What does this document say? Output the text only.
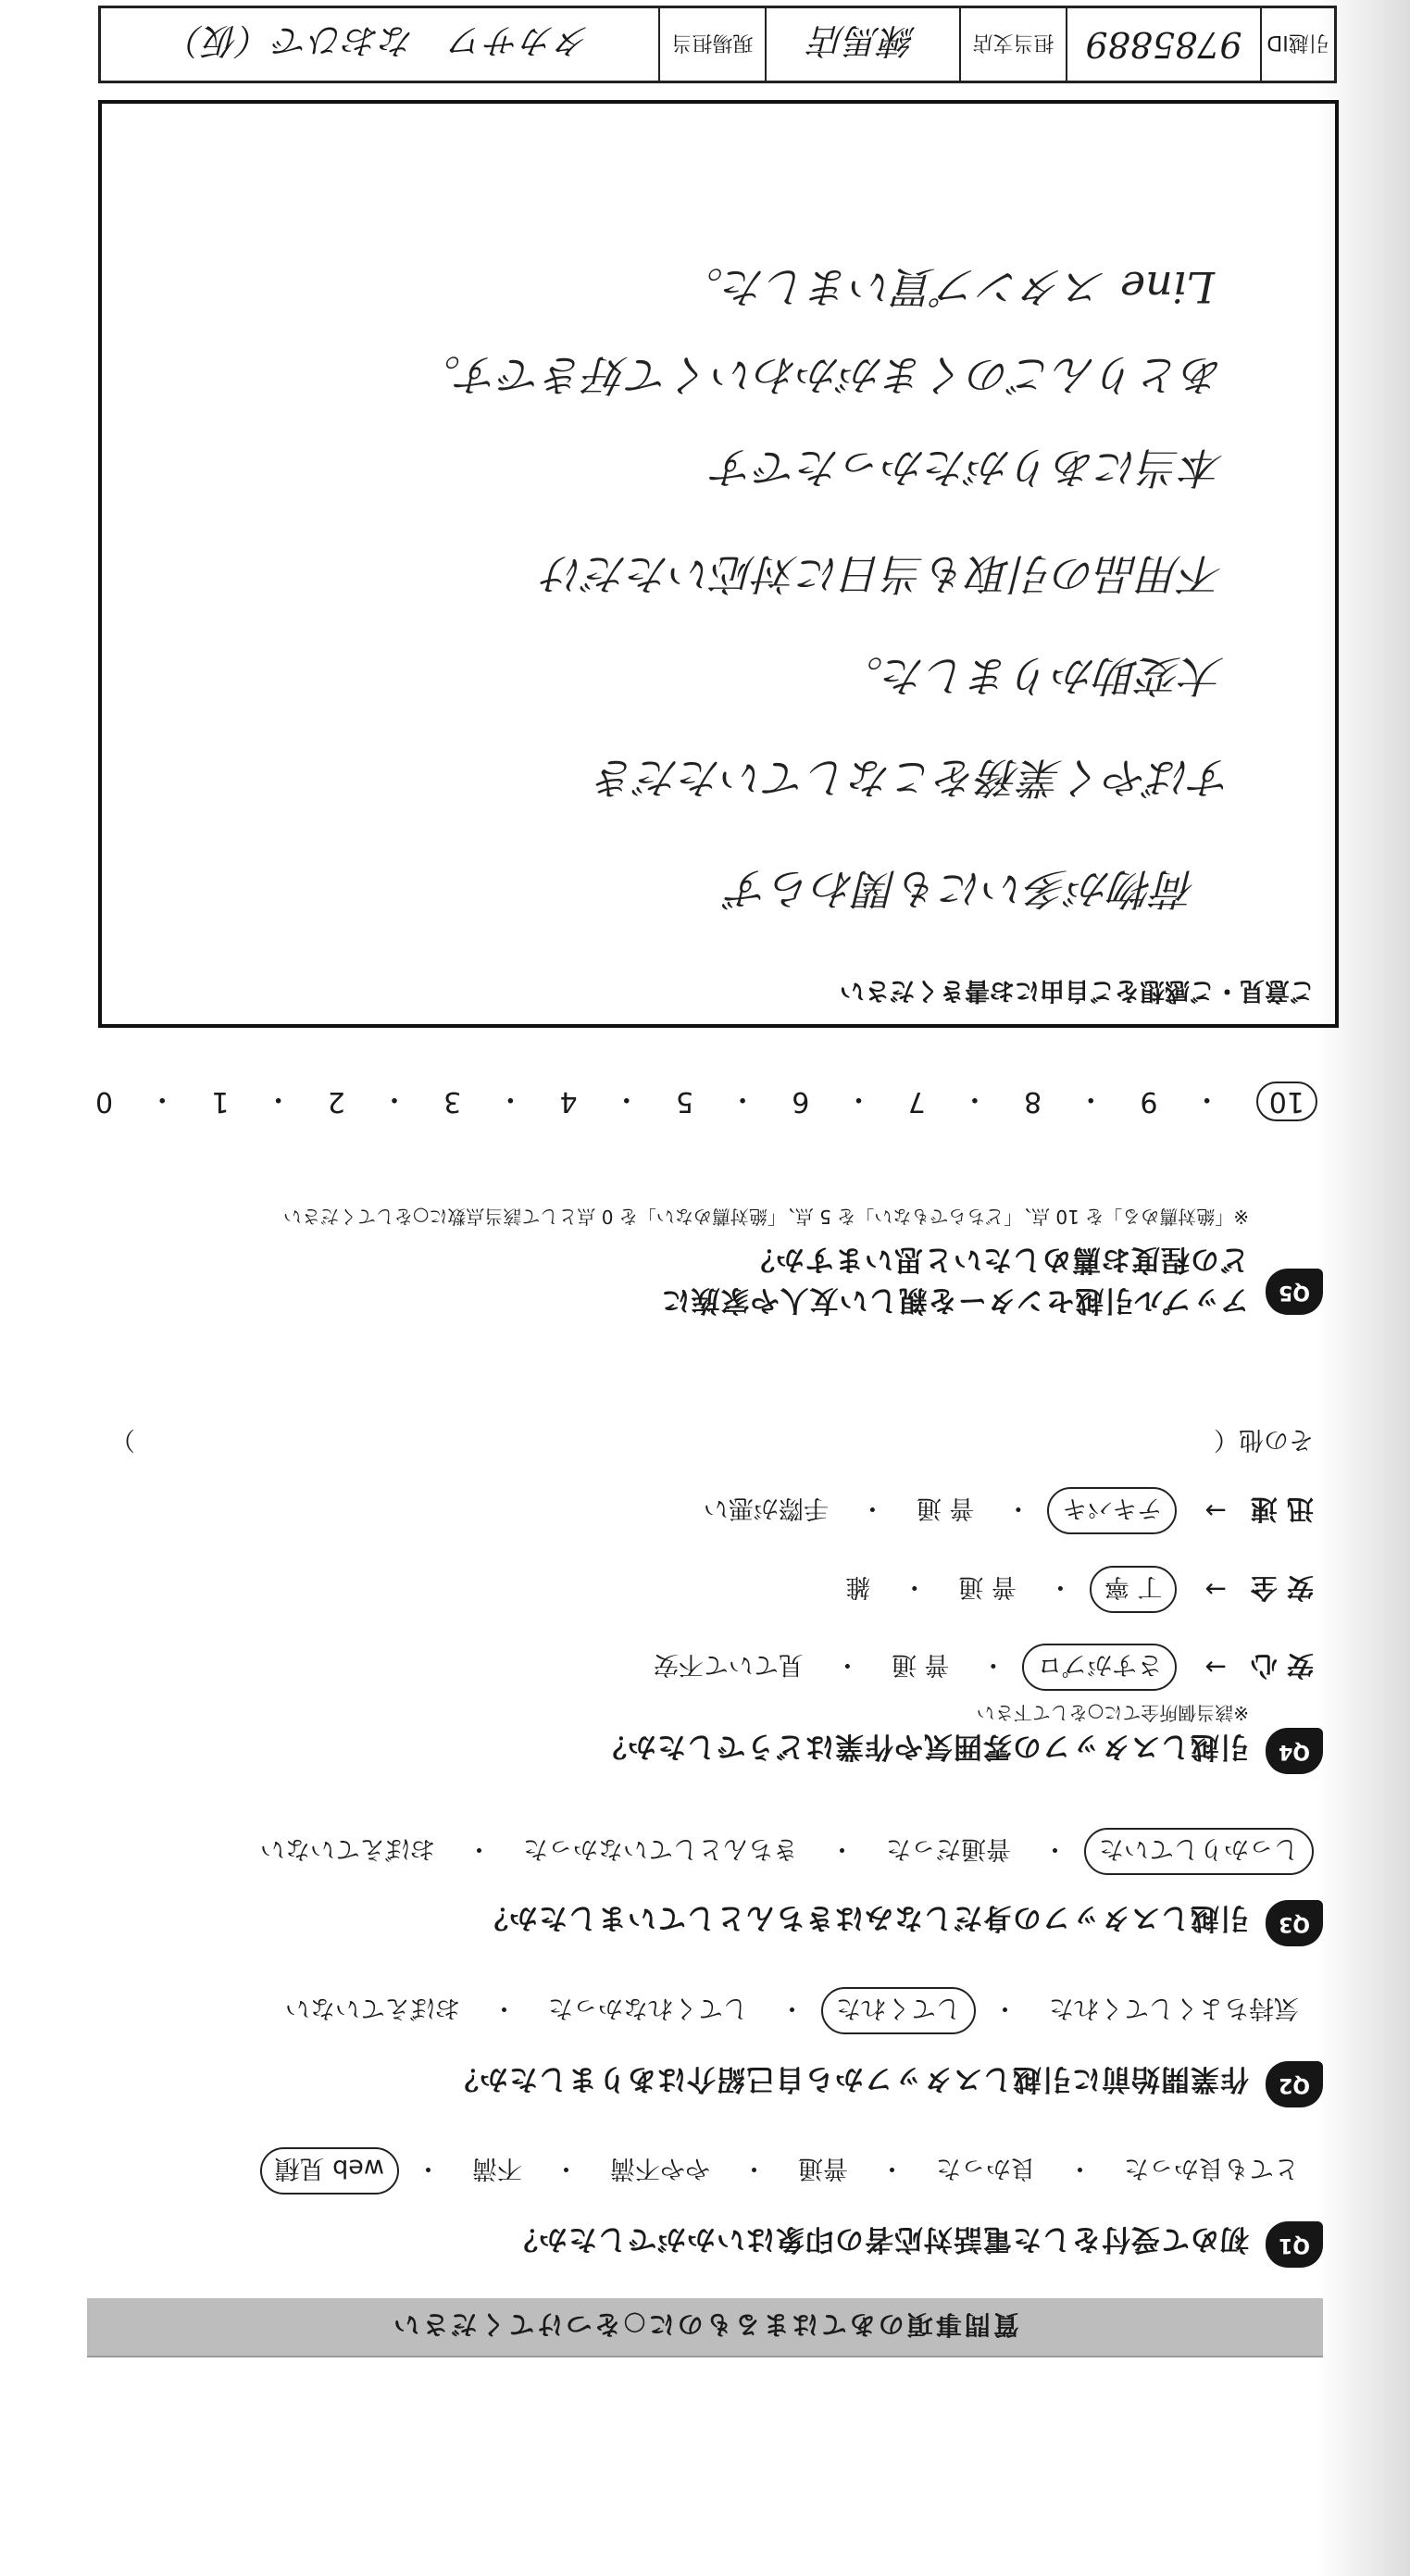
質問事項のあてはまるものに○をつけてください
Q1
初めて受付をした電話対応者の印象はいかがでしたか？
とても良かった
・
良かった
・
普通
・
やや不満
・
不満
・
web 見積
Q2
作業開始前に引越しスタッフから自己紹介はありましたか？
気持ちよくしてくれた
・
してくれた
・
してくれなかった
・
おぼえていない
Q3
引越しスタッフの身だしなみはきちんとしていましたか？
しっかりしていた
・
普通だった
・
きちんとしていなかった
・
おぼえていない
Q4
引越しスタッフの雰囲気や作業はどうでしたか？
※該当個所全てに○をして下さい
安 心
→
さすがプロ
・
普 通
・
見ていて不安
安 全
→
丁 寧
・
普 通
・
雑
迅 速
→
テキパキ
・
普 通
・
手際が悪い
その他（
）
Q5
アップル引越センターを親しい友人や家族に
どの程度お薦めしたいと思いますか？
※「絶対薦める」を 10 点、「どちらでもない」を 5 点、「絶対薦めない」を 0 点として該当点数に○をしてください
10
・
9
・
8
・
7
・
6
・
5
・
4
・
3
・
2
・
1
・
0
ご意見・ご感想をご自由にお書きください
荷物が多いにも関わらず
すばやく業務をこなしていただき
大変助かりました。
不用品の引取も当日に対応いただけ
本当にありがたかったです
あとりんごのくまがかわいくて好きです。
Line スタンプ買いました。
引越ID
9785889
担当支店
練馬店
現場担当
タカサワ　なおひで（仮）
